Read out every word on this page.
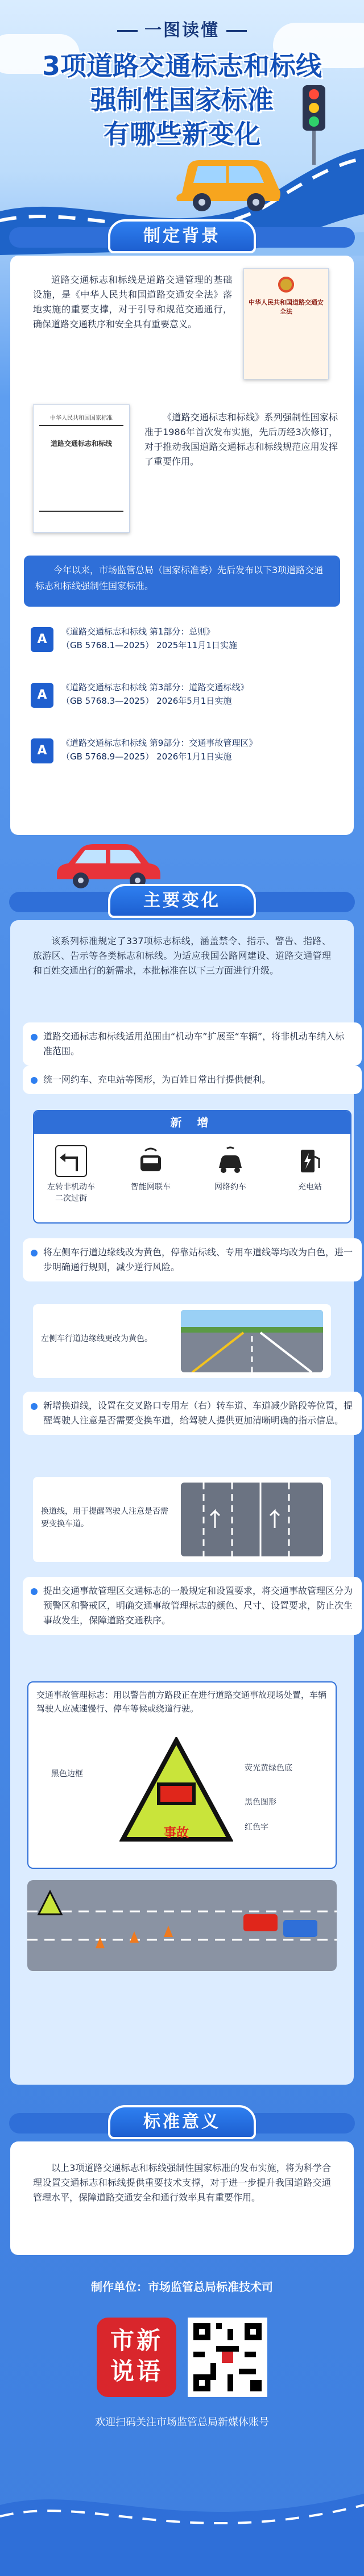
一图读懂
3项道路交通标志和标线
强制性国家标准
有哪些新变化
制定背景
道路交通标志和标线是道路交通管理的基础设施，是《中华人民共和国道路交通安全法》落地实施的重要支撑，对于引导和规范交通通行，确保道路交通秩序和安全具有重要意义。
中华人民共和国道路交通安全法
中华人民共和国国家标准
道路交通标志和标线
《道路交通标志和标线》系列强制性国家标准于1986年首次发布实施，先后历经3次修订，对于推动我国道路交通标志和标线规范应用发挥了重要作用。
今年以来，市场监管总局（国家标准委）先后发布以下3项道路交通标志和标线强制性国家标准。
A
《道路交通标志和标线 第1部分：总则》
（GB 5768.1—2025） 2025年11月1日实施
A
《道路交通标志和标线 第3部分：道路交通标线》
（GB 5768.3—2025） 2026年5月1日实施
A
《道路交通标志和标线 第9部分：交通事故管理区》
（GB 5768.9—2025） 2026年1月1日实施
主要变化
该系列标准规定了337项标志标线，涵盖禁令、指示、警告、指路、旅游区、告示等各类标志和标线。为适应我国公路网建设、道路交通管理和百姓交通出行的新需求，本批标准在以下三方面进行升级。
道路交通标志和标线适用范围由“机动车”扩展至“车辆”，将非机动车纳入标准范围。
统一网约车、充电站等图形，为百姓日常出行提供便利。
新 增
左转非机动车二次过街
智能网联车	网络约车	充电站
将左侧车行道边缘线改为黄色，停靠站标线、专用车道线等均改为白色，进一步明确通行规则，减少逆行风险。
左侧车行道边缘线更改为黄色。
新增换道线，设置在交叉路口专用左（右）转车道、车道减少路段等位置，提醒驾驶人注意是否需要变换车道，给驾驶人提供更加清晰明确的指示信息。
换道线，用于提醒驾驶人注意是否需要变换车道。
提出交通事故管理区交通标志的一般规定和设置要求，将交通事故管理区分为预警区和警戒区，明确交通事故管理标志的颜色、尺寸、设置要求，防止次生事故发生，保障道路交通秩序。
交通事故管理标志：用以警告前方路段正在进行道路交通事故现场处置，车辆驾驶人应减速慢行、停车等候或绕道行驶。
事故
黑色边框
荧光黄绿色底
黑色图形
红色字
标准意义
以上3项道路交通标志和标线强制性国家标准的发布实施，将为科学合理设置交通标志和标线提供重要技术支撑，对于进一步提升我国道路交通管理水平，保障道路交通安全和通行效率具有重要作用。
制作单位：市场监管总局标准技术司
市新说语
欢迎扫码关注市场监管总局新媒体账号
